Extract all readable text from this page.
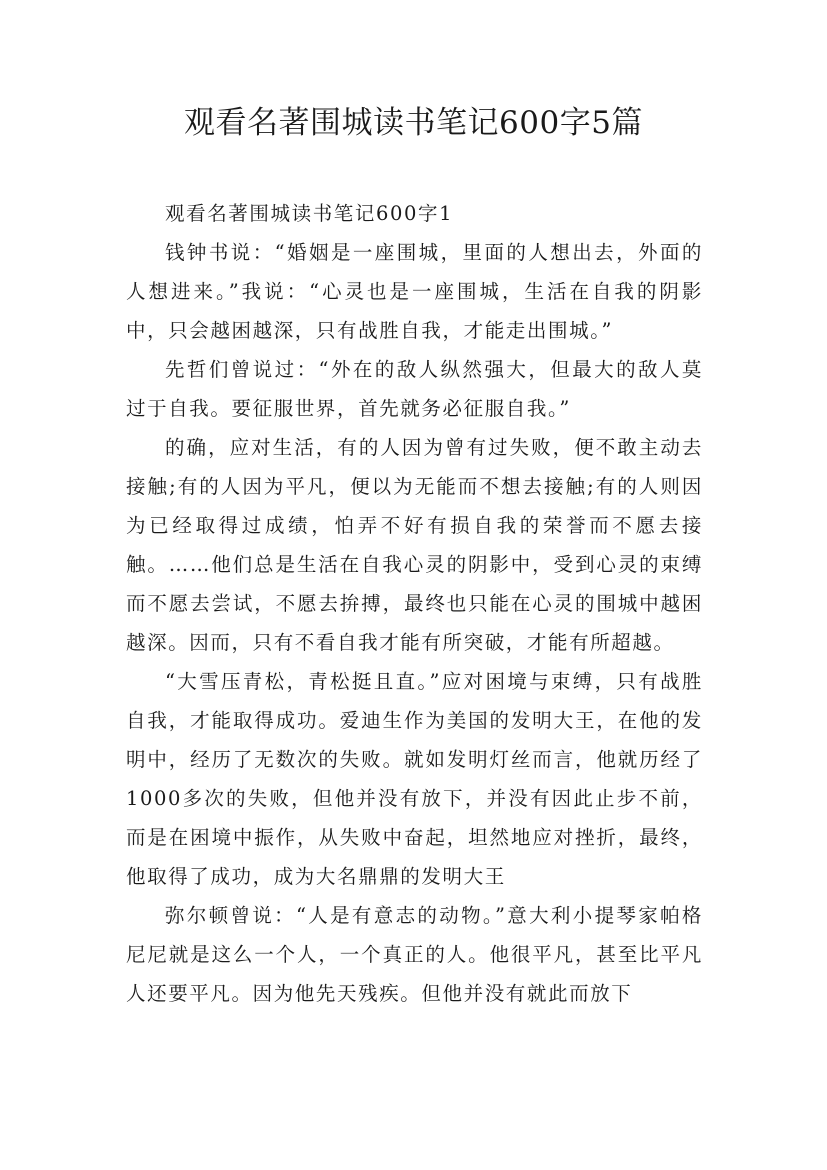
观看名著围城读书笔记600字5篇

观看名著围城读书笔记600字1

钱钟书说：“婚姻是一座围城，里面的人想出去，外面的人想进来。”我说：“心灵也是一座围城，生活在自我的阴影中，只会越困越深，只有战胜自我，才能走出围城。”

先哲们曾说过：“外在的敌人纵然强大，但最大的敌人莫过于自我。要征服世界，首先就务必征服自我。”

的确，应对生活，有的人因为曾有过失败，便不敢主动去接触;有的人因为平凡，便以为无能而不想去接触;有的人则因为已经取得过成绩，怕弄不好有损自我的荣誉而不愿去接触。……他们总是生活在自我心灵的阴影中，受到心灵的束缚而不愿去尝试，不愿去拚搏，最终也只能在心灵的围城中越困越深。因而，只有不看自我才能有所突破，才能有所超越。

“大雪压青松，青松挺且直。”应对困境与束缚，只有战胜自我，才能取得成功。爱迪生作为美国的发明大王，在他的发明中，经历了无数次的失败。就如发明灯丝而言，他就历经了1000多次的失败，但他并没有放下，并没有因此止步不前，而是在困境中振作，从失败中奋起，坦然地应对挫折，最终，他取得了成功，成为大名鼎鼎的发明大王

弥尔顿曾说：“人是有意志的动物。”意大利小提琴家帕格尼尼就是这么一个人，一个真正的人。他很平凡，甚至比平凡人还要平凡。因为他先天残疾。但他并没有就此而放下
